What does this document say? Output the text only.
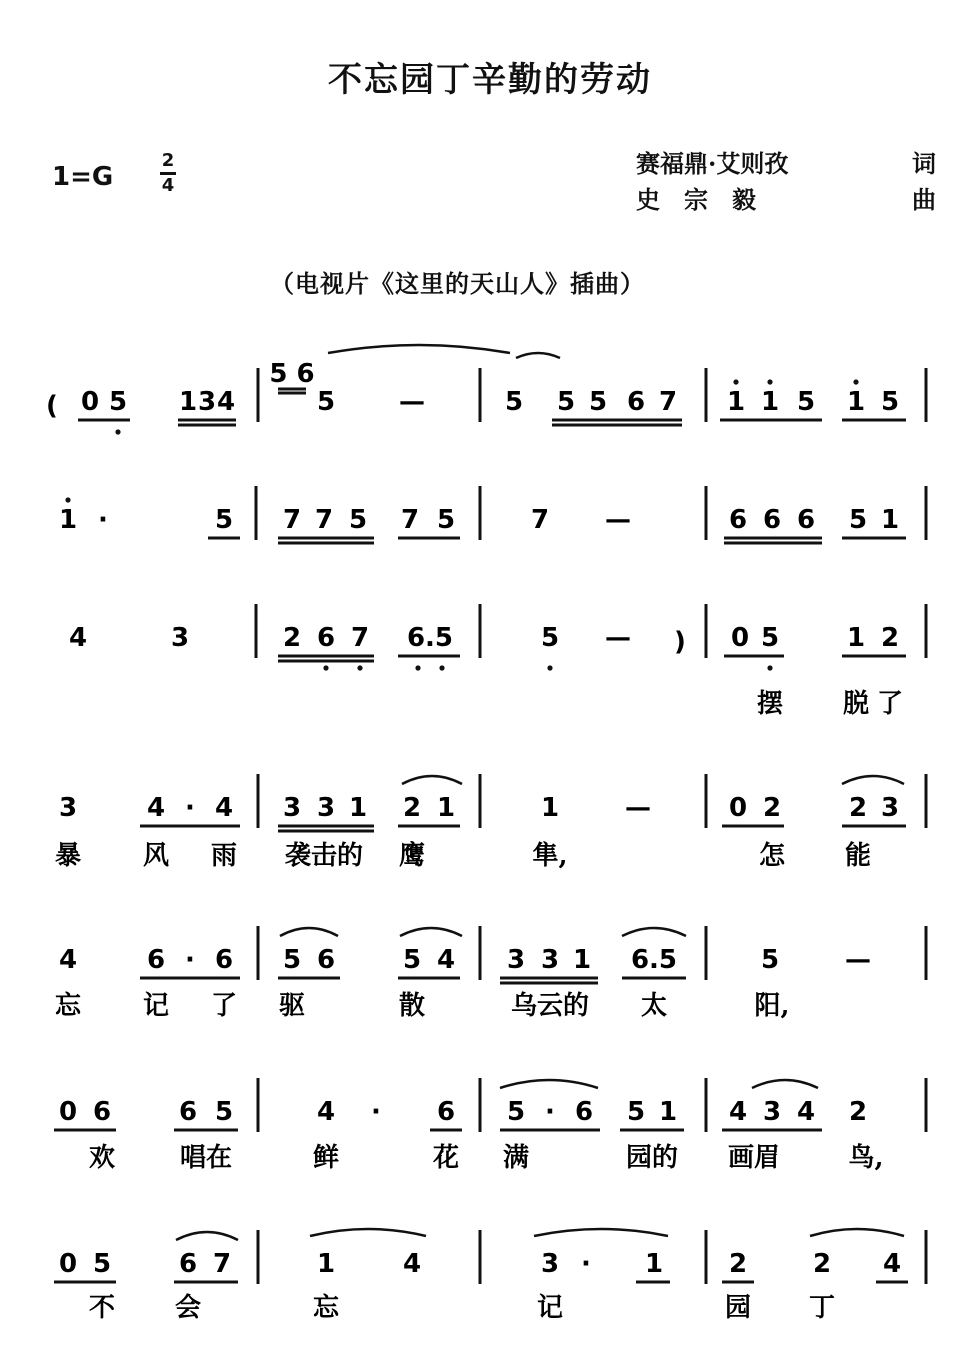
不忘园丁辛勤的劳动
1=G
2
4
赛福鼎·艾则孜	词
史　宗　毅	曲
（电视片《这里的天山人》插曲）
( 0 5 1 3 4	5 —	5 5 5 6 7 1 1 5 1 5
1 ·	5 7 7 5 7 5	7 —	6 6 6 5 1
4	3	2 6 7 6.5	5 — ) 0 5	1 2
摆 脱 了
3	4 · 4 3 3 1 2 1	1	—	0 2	2 3
暴 风 雨 袭击的 鹰	隼,	怎 能
4	6 · 6 5 6	5 4 3 3 1 6.5	5	—
忘 记 了 驱	散	乌云的 太	阳,
0 6	6 5	4 · 6 5 · 6 5 1 4 3 4 2
欢 唱在	鲜	花 满	园的 画眉	鸟,
0 5	6 7	1	4	3 · 1	2	2 4
不 会	忘	记	园 丁
5 6
